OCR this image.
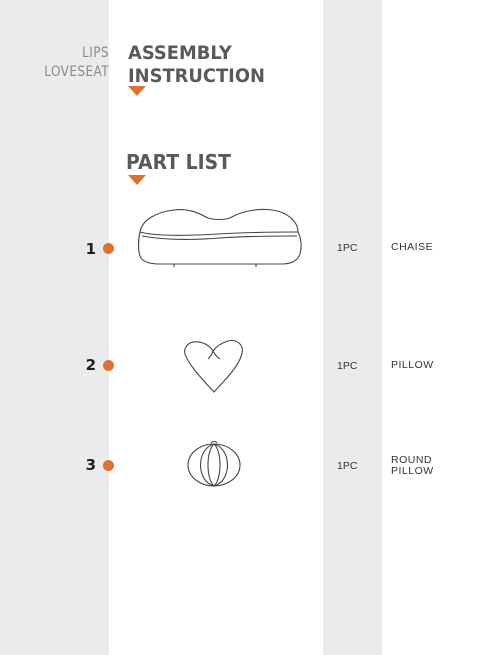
LIPS
LOVESEAT
ASSEMBLY
INSTRUCTION
PART LIST
1	1PC	CHAISE
2	1PC	PILLOW
3	1PC	ROUND
PILLOW
